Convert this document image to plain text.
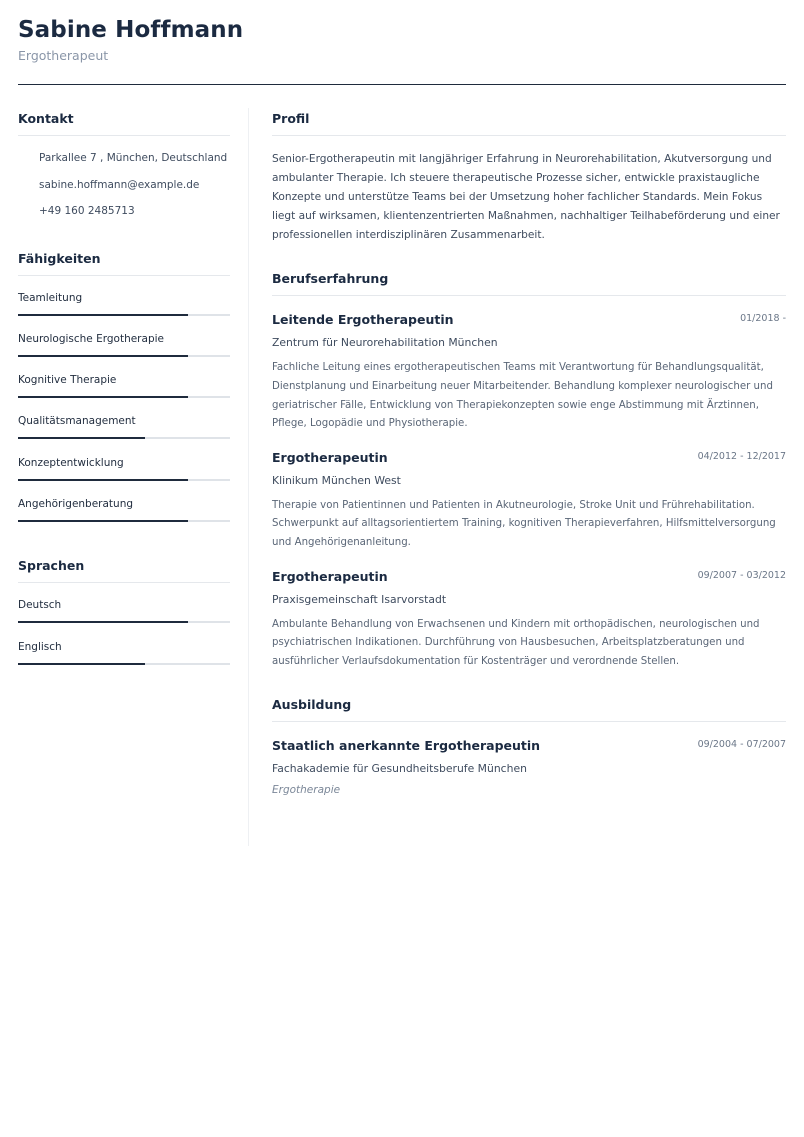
Sabine Hoffmann
Ergotherapeut
Kontakt
Parkallee 7 , München, Deutschland
sabine.hoffmann@example.de
+49 160 2485713
Fähigkeiten
Teamleitung
Neurologische Ergotherapie
Kognitive Therapie
Qualitätsmanagement
Konzeptentwicklung
Angehörigenberatung
Sprachen
Deutsch
Englisch
Profil
Senior-Ergotherapeutin mit langjähriger Erfahrung in Neurorehabilitation, Akutversorgung und ambulanter Therapie. Ich steuere therapeutische Prozesse sicher, entwickle praxistaugliche Konzepte und unterstütze Teams bei der Umsetzung hoher fachlicher Standards. Mein Fokus liegt auf wirksamen, klientenzentrierten Maßnahmen, nachhaltiger Teilhabeförderung und einer professionellen interdisziplinären Zusammenarbeit.
Berufserfahrung
Leitende Ergotherapeutin	01/2018 -
Zentrum für Neurorehabilitation München
Fachliche Leitung eines ergotherapeutischen Teams mit Verantwortung für Behandlungsqualität, Dienstplanung und Einarbeitung neuer Mitarbeitender. Behandlung komplexer neurologischer und geriatrischer Fälle, Entwicklung von Therapiekonzepten sowie enge Abstimmung mit Ärztinnen, Pflege, Logopädie und Physiotherapie.
Ergotherapeutin	04/2012 - 12/2017
Klinikum München West
Therapie von Patientinnen und Patienten in Akutneurologie, Stroke Unit und Frührehabilitation. Schwerpunkt auf alltagsorientiertem Training, kognitiven Therapieverfahren, Hilfsmittelversorgung und Angehörigenanleitung.
Ergotherapeutin	09/2007 - 03/2012
Praxisgemeinschaft Isarvorstadt
Ambulante Behandlung von Erwachsenen und Kindern mit orthopädischen, neurologischen und psychiatrischen Indikationen. Durchführung von Hausbesuchen, Arbeitsplatzberatungen und ausführlicher Verlaufsdokumentation für Kostenträger und verordnende Stellen.
Ausbildung
Staatlich anerkannte Ergotherapeutin	09/2004 - 07/2007
Fachakademie für Gesundheitsberufe München
Ergotherapie
